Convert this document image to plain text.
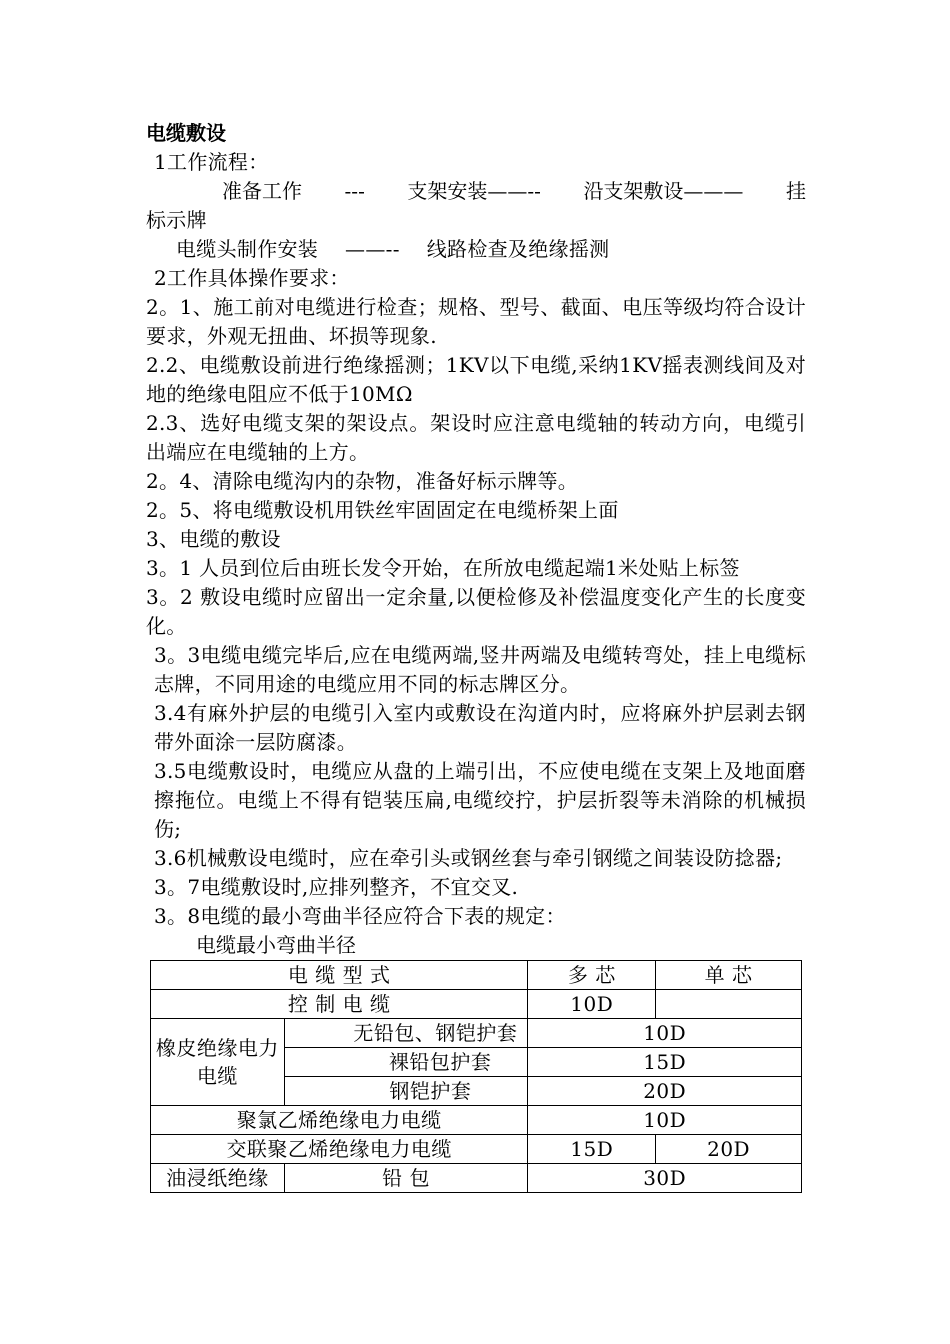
电缆敷设

1工作流程：

准备工作 --- 支架安装——-- 沿支架敷设——— 挂

标示牌

电缆头制作安装　 ——-- 　线路检查及绝缘摇测

2工作具体操作要求：

2。1、施工前对电缆进行检查；规格、型号、截面、电压等级均符合设计要求，外观无扭曲、坏损等现象.

2.2、电缆敷设前进行绝缘摇测；1KV以下电缆,采纳1KV摇表测线间及对地的绝缘电阻应不低于10MΩ

2.3、选好电缆支架的架设点。架设时应注意电缆轴的转动方向，电缆引出端应在电缆轴的上方。

2。4、清除电缆沟内的杂物，准备好标示牌等。

2。5、将电缆敷设机用铁丝牢固固定在电缆桥架上面

3、电缆的敷设

3。1 人员到位后由班长发令开始，在所放电缆起端1米处贴上标签

3。2 敷设电缆时应留出一定余量,以便检修及补偿温度变化产生的长度变化。

3。3电缆电缆完毕后,应在电缆两端,竖井两端及电缆转弯处，挂上电缆标志牌，不同用途的电缆应用不同的标志牌区分。

3.4有麻外护层的电缆引入室内或敷设在沟道内时，应将麻外护层剥去钢带外面涂一层防腐漆。

3.5电缆敷设时，电缆应从盘的上端引出，不应使电缆在支架上及地面磨擦拖位。电缆上不得有铠装压扁,电缆绞拧，护层折裂等未消除的机械损伤;

3.6机械敷设电缆时，应在牵引头或钢丝套与牵引钢缆之间装设防捻器;

3。7电缆敷设时,应排列整齐，不宜交叉.

3。8电缆的最小弯曲半径应符合下表的规定：

电缆最小弯曲半径

电 缆 型 式		多 芯	单 芯
控 制 电 缆		10D	
橡皮绝缘电力电缆	无铅包、钢铠护套	10D	
	裸铅包护套	15D	
	钢铠护套	20D	
聚氯乙烯绝缘电力电缆		10D	
交联聚乙烯绝缘电力电缆		15D	20D
油浸纸绝缘	铅 包	30D	
